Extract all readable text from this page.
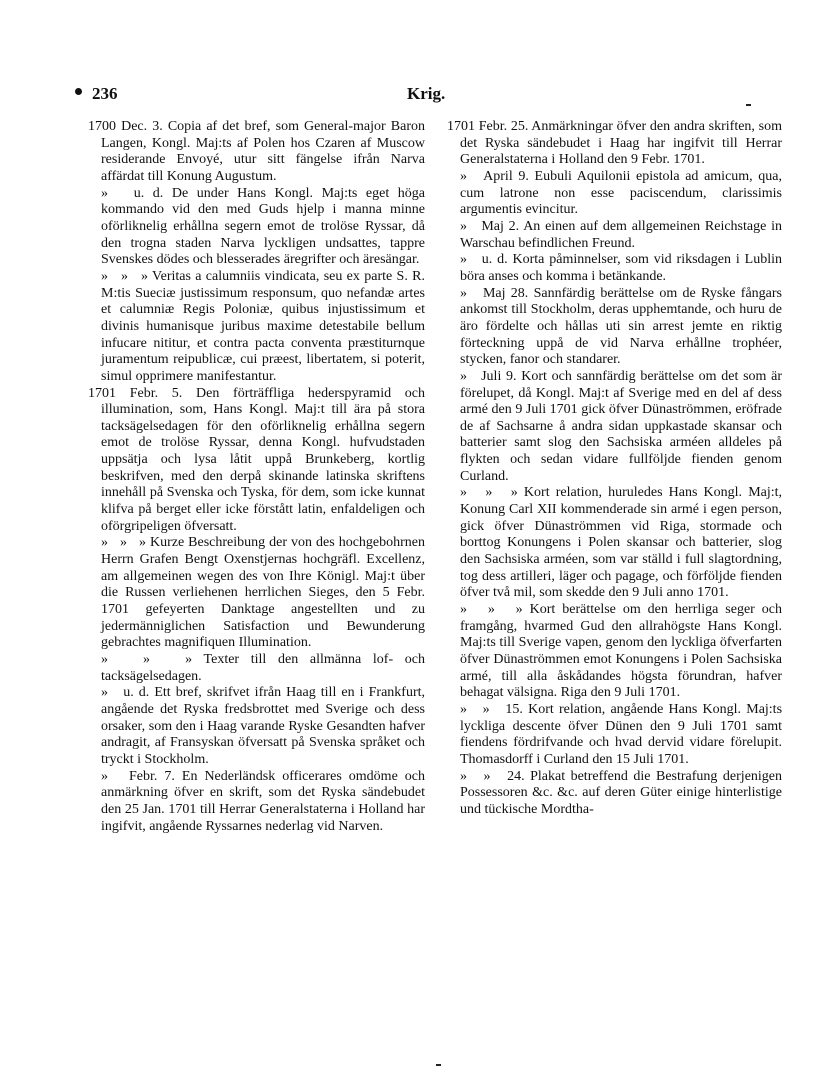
236	Krig.

1700 Dec. 3. Copia af det bref, som General-major Baron Langen, Kongl. Maj:ts af Polen hos Czaren af Muscow residerande Envoyé, utur sitt fängelse ifrån Narva affärdat till Konung Augustum.

»   u. d. De under Hans Kongl. Maj:ts eget höga kommando vid den med Guds hjelp i manna minne oförliknelig erhållna segern emot de trolöse Ryssar, då den trogna staden Narva lyckligen undsattes, tappre Svenskes dödes och blesserades äregrifter och äresängar.

»   »   » Veritas a calumniis vindicata, seu ex parte S. R. M:tis Sueciæ justissimum responsum, quo nefandæ artes et calumniæ Regis Poloniæ, quibus injustissimum et divinis humanisque juribus maxime detestabile bellum infucare nititur, et contra pacta conventa præstiturnque juramentum reipublicæ, cui præest, libertatem, si poterit, simul opprimere manifestantur.

1701 Febr. 5. Den förträffliga hederspyramid och illumination, som, Hans Kongl. Maj:t till ära på stora tacksägelsedagen för den oförliknelig erhållna segern emot de trolöse Ryssar, denna Kongl. hufvudstaden uppsätja och lysa låtit uppå Brunkeberg, kortlig beskrifven, med den derpå skinande latinska skriftens innehåll på Svenska och Tyska, för dem, som icke kunnat klifva på berget eller icke förstått latin, enfaldeligen och oförgripeligen öfversatt.

»   »   » Kurze Beschreibung der von des hochgebohrnen Herrn Grafen Bengt Oxenstjernas hochgräfl. Excellenz, am allgemeinen wegen des von Ihre Königl. Maj:t über die Russen verliehenen herrlichen Sieges, den 5 Febr. 1701 gefeyerten Danktage angestellten und zu jedermänniglichen Satisfaction und Bewunderung gebrachtes magnifiquen Illumination.

»   »   » Texter till den allmänna lof- och tacksägelsedagen.

»   u. d. Ett bref, skrifvet ifrån Haag till en i Frankfurt, angående det Ryska fredsbrottet med Sverige och dess orsaker, som den i Haag varande Ryske Gesandten hafver andragit, af Fransyskan öfversatt på Svenska språket och tryckt i Stockholm.

»   Febr. 7. En Nederländsk officerares omdöme och anmärkning öfver en skrift, som det Ryska sändebudet den 25 Jan. 1701 till Herrar Generalstaterna i Holland har ingifvit, angående Ryssarnes nederlag vid Narven.

1701 Febr. 25. Anmärkningar öfver den andra skriften, som det Ryska sändebudet i Haag har ingifvit till Herrar Generalstaterna i Holland den 9 Febr. 1701.

»   April 9. Eubuli Aquilonii epistola ad amicum, qua, cum latrone non esse paciscendum, clarissimis argumentis evincitur.

»   Maj 2. An einen auf dem allgemeinen Reichstage in Warschau befindlichen Freund.

»   u. d. Korta påminnelser, som vid riksdagen i Lublin böra anses och komma i betänkande.

»   Maj 28. Sannfärdig berättelse om de Ryske fångars ankomst till Stockholm, deras upphemtande, och huru de äro fördelte och hållas uti sin arrest jemte en riktig förteckning uppå de vid Narva erhållne trophéer, stycken, fanor och standarer.

»   Juli 9. Kort och sannfärdig berättelse om det som är förelupet, då Kongl. Maj:t af Sverige med en del af dess armé den 9 Juli 1701 gick öfver Dünaströmmen, eröfrade de af Sachsarne å andra sidan uppkastade skansar och batterier samt slog den Sachsiska arméen alldeles på flykten och sedan vidare fullföljde fienden genom Curland.

»   »   » Kort relation, huruledes Hans Kongl. Maj:t, Konung Carl XII kommenderade sin armé i egen person, gick öfver Dünaströmmen vid Riga, stormade och borttog Konungens i Polen skansar och batterier, slog den Sachsiska arméen, som var ställd i full slagtordning, tog dess artilleri, läger och pagage, och förföljde fienden öfver två mil, som skedde den 9 Juli anno 1701.

»   »   » Kort berättelse om den herrliga seger och framgång, hvarmed Gud den allrahögste Hans Kongl. Maj:ts till Sverige vapen, genom den lyckliga öfverfarten öfver Dünaströmmen emot Konungens i Polen Sachsiska armé, till alla åskådandes högsta förundran, hafver behagat välsigna. Riga den 9 Juli 1701.

»   »   15. Kort relation, angående Hans Kongl. Maj:ts lyckliga descente öfver Dünen den 9 Juli 1701 samt fiendens fördrifvande och hvad dervid vidare förelupit. Thomasdorff i Curland den 15 Juli 1701.

»   »   24. Plakat betreffend die Bestrafung derjenigen Possessoren &c. &c. auf deren Güter einige hinterlistige und tückische Mordtha-
